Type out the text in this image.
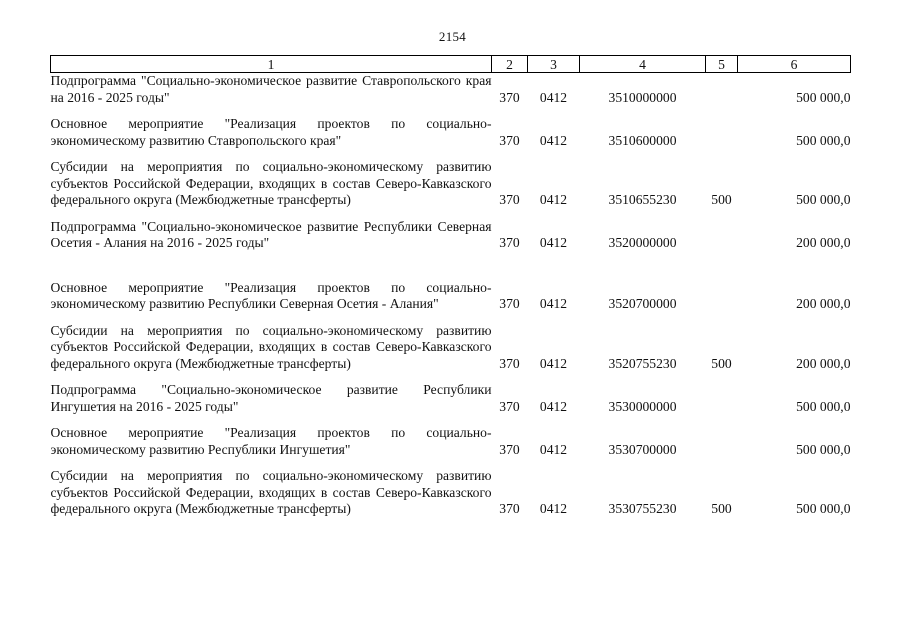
2154
1	2	3	4	5	6
Подпрограмма "Социально-экономическое развитие Ставропольского края на 2016 - 2025 годы"	370	0412	3510000000		500 000,0

Основное мероприятие "Реализация проектов по социально-экономическому развитию Ставропольского края"	370	0412	3510600000		500 000,0

Субсидии на мероприятия по социально-экономическому развитию субъектов Российской Федерации, входящих в состав Северо-Кавказского федерального округа (Межбюджетные трансферты)	370	0412	3510655230	500	500 000,0

Подпрограмма "Социально-экономическое развитие Республики Северная Осетия - Алания на 2016 - 2025 годы"	370	0412	3520000000		200 000,0

Основное мероприятие "Реализация проектов по социально-экономическому развитию Республики Северная Осетия - Алания"	370	0412	3520700000		200 000,0

Субсидии на мероприятия по социально-экономическому развитию субъектов Российской Федерации, входящих в состав Северо-Кавказского федерального округа (Межбюджетные трансферты)	370	0412	3520755230	500	200 000,0

Подпрограмма "Социально-экономическое развитие Республики Ингушетия на 2016 - 2025 годы"	370	0412	3530000000		500 000,0

Основное мероприятие "Реализация проектов по социально-экономическому развитию Республики Ингушетия"	370	0412	3530700000		500 000,0

Субсидии на мероприятия по социально-экономическому развитию субъектов Российской Федерации, входящих в состав Северо-Кавказского федерального округа (Межбюджетные трансферты)	370	0412	3530755230	500	500 000,0
